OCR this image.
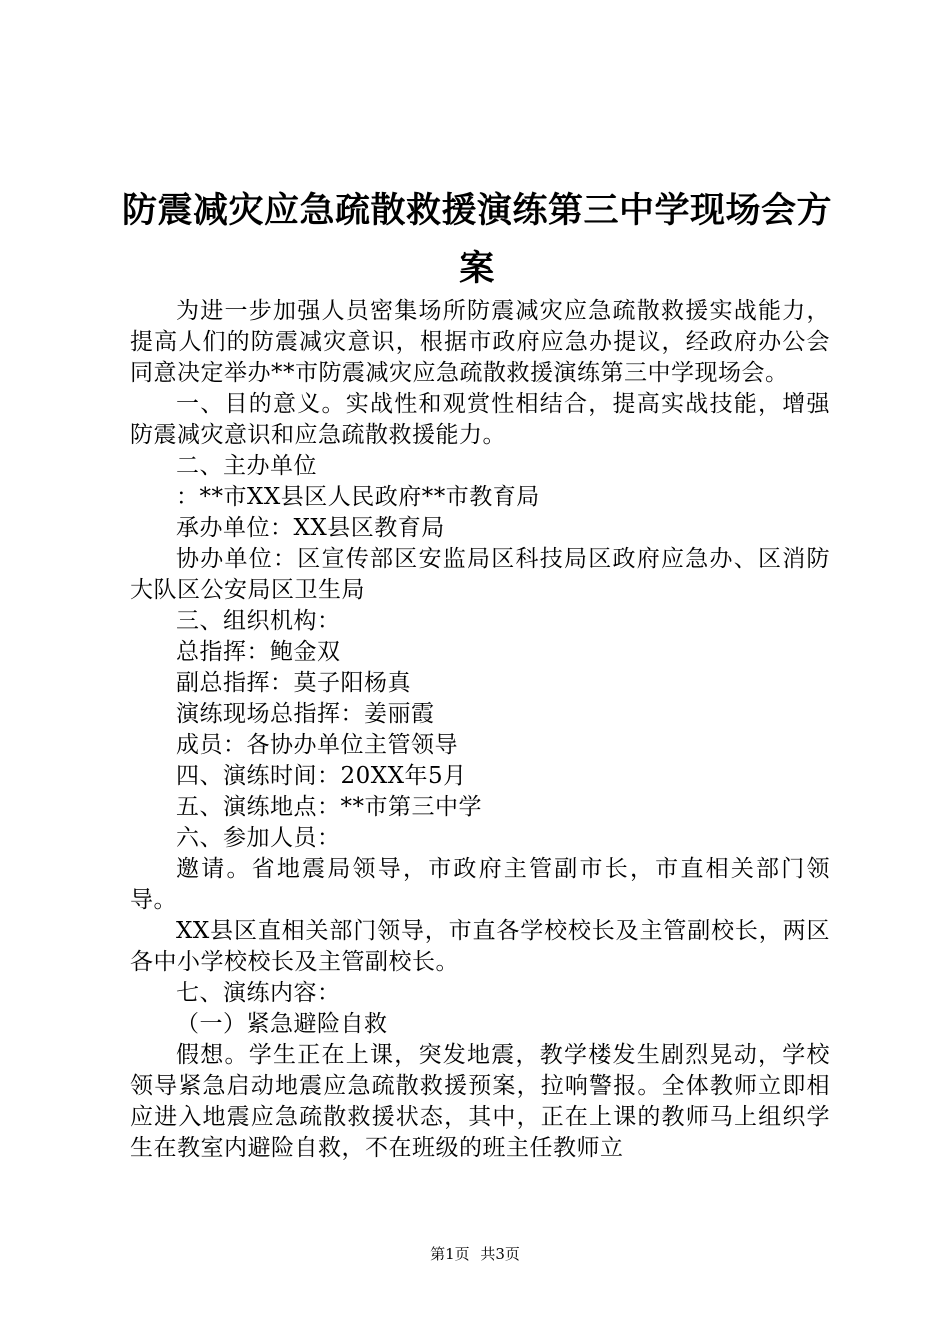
防震减灾应急疏散救援演练第三中学现场会方案

为进一步加强人员密集场所防震减灾应急疏散救援实战能力，提高人们的防震减灾意识，根据市政府应急办提议，经政府办公会同意决定举办**市防震减灾应急疏散救援演练第三中学现场会。

一、目的意义。实战性和观赏性相结合，提高实战技能，增强防震减灾意识和应急疏散救援能力。

二、主办单位

：**市XX县区人民政府**市教育局

承办单位：XX县区教育局

协办单位：区宣传部区安监局区科技局区政府应急办、区消防大队区公安局区卫生局

三、组织机构：

总指挥：鲍金双

副总指挥：莫子阳杨真

演练现场总指挥：姜丽霞

成员：各协办单位主管领导

四、演练时间：20XX年5月

五、演练地点：**市第三中学

六、参加人员：

邀请。省地震局领导，市政府主管副市长，市直相关部门领导。

XX县区直相关部门领导，市直各学校校长及主管副校长，两区各中小学校校长及主管副校长。

七、演练内容：

（一）紧急避险自救

假想。学生正在上课，突发地震，教学楼发生剧烈晃动，学校领导紧急启动地震应急疏散救援预案，拉响警报。全体教师立即相应进入地震应急疏散救援状态，其中，正在上课的教师马上组织学生在教室内避险自救，不在班级的班主任教师立

第1页 共3页
